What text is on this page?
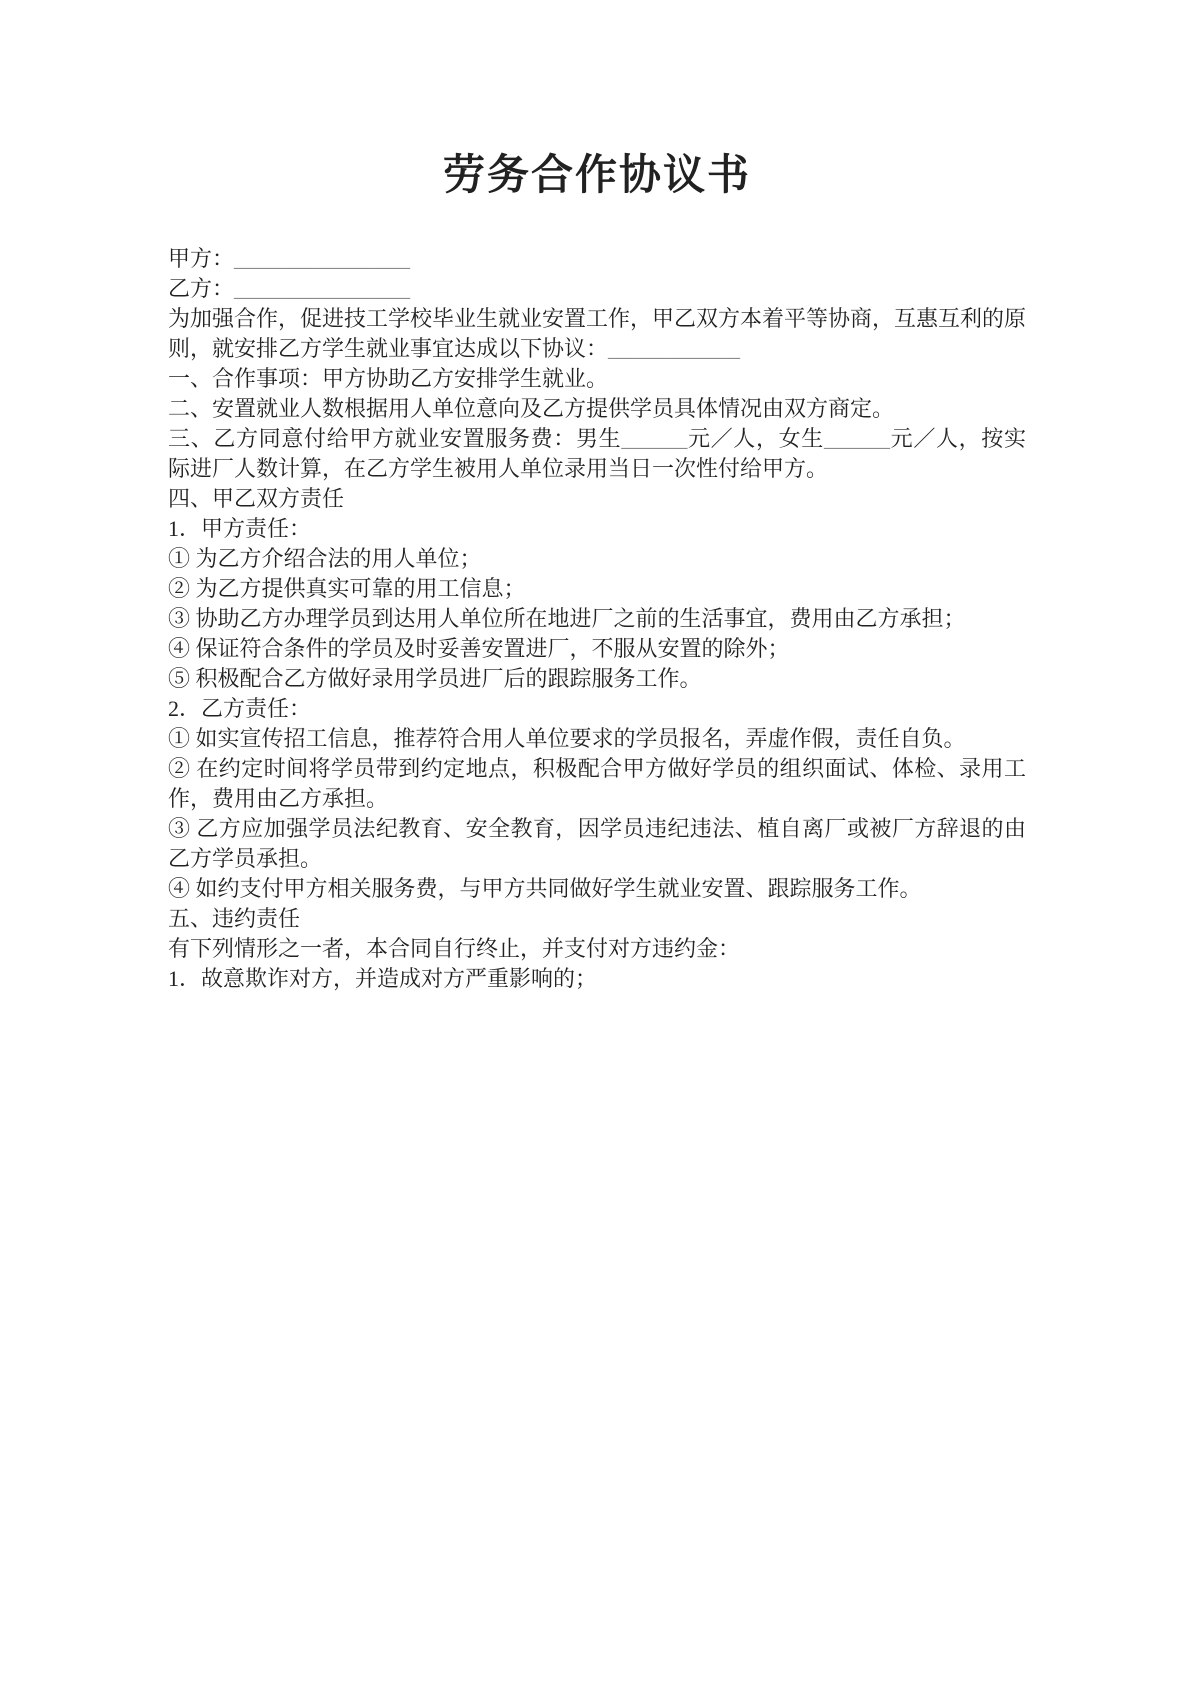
劳务合作协议书

甲方：________________

乙方：________________

为加强合作，促进技工学校毕业生就业安置工作，甲乙双方本着平等协商，互惠互利的原则，就安排乙方学生就业事宜达成以下协议：____________

一、合作事项：甲方协助乙方安排学生就业。

二、安置就业人数根据用人单位意向及乙方提供学员具体情况由双方商定。

三、乙方同意付给甲方就业安置服务费：男生______元／人，女生______元／人，按实际进厂人数计算，在乙方学生被用人单位录用当日一次性付给甲方。

四、甲乙双方责任

1．甲方责任：

① 为乙方介绍合法的用人单位；

② 为乙方提供真实可靠的用工信息；

③ 协助乙方办理学员到达用人单位所在地进厂之前的生活事宜，费用由乙方承担；

④ 保证符合条件的学员及时妥善安置进厂，不服从安置的除外；

⑤ 积极配合乙方做好录用学员进厂后的跟踪服务工作。

2．乙方责任：

① 如实宣传招工信息，推荐符合用人单位要求的学员报名，弄虚作假，责任自负。

② 在约定时间将学员带到约定地点，积极配合甲方做好学员的组织面试、体检、录用工作，费用由乙方承担。

③ 乙方应加强学员法纪教育、安全教育，因学员违纪违法、植自离厂或被厂方辞退的由乙方学员承担。

④ 如约支付甲方相关服务费，与甲方共同做好学生就业安置、跟踪服务工作。

五、违约责任

有下列情形之一者，本合同自行终止，并支付对方违约金：

1．故意欺诈对方，并造成对方严重影响的；
